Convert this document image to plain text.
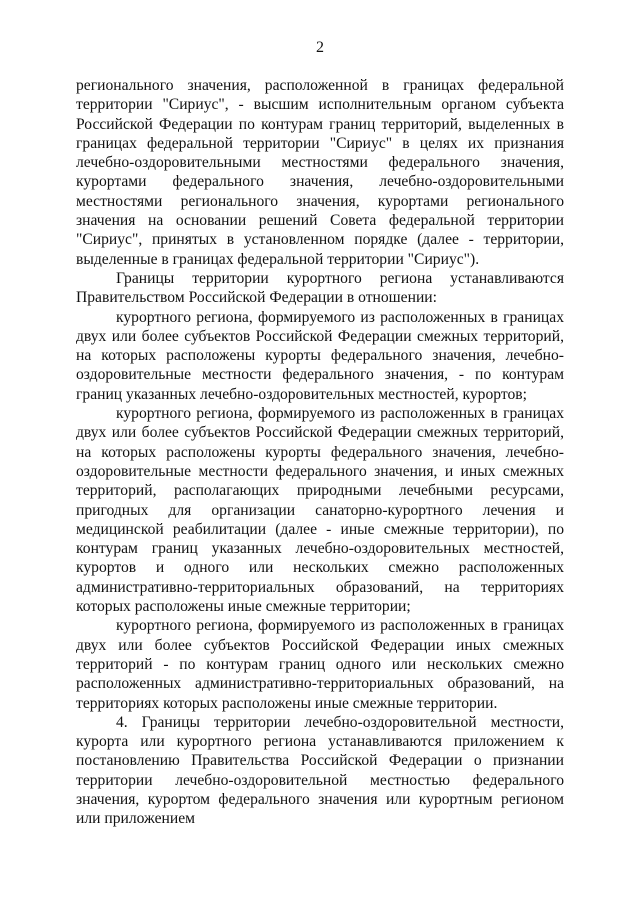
2

регионального значения, расположенной в границах федеральной территории "Сириус", - высшим исполнительным органом субъекта Российской Федерации по контурам границ территорий, выделенных в границах федеральной территории "Сириус" в целях их признания лечебно-оздоровительными местностями федерального значения, курортами федерального значения, лечебно-оздоровительными местностями регионального значения, курортами регионального значения на основании решений Совета федеральной территории "Сириус", принятых в установленном порядке (далее - территории, выделенные в границах федеральной территории "Сириус").

Границы территории курортного региона устанавливаются Правительством Российской Федерации в отношении:

курортного региона, формируемого из расположенных в границах двух или более субъектов Российской Федерации смежных территорий, на которых расположены курорты федерального значения, лечебно-оздоровительные местности федерального значения, - по контурам границ указанных лечебно-оздоровительных местностей, курортов;

курортного региона, формируемого из расположенных в границах двух или более субъектов Российской Федерации смежных территорий, на которых расположены курорты федерального значения, лечебно-оздоровительные местности федерального значения, и иных смежных территорий, располагающих природными лечебными ресурсами, пригодных для организации санаторно-курортного лечения и медицинской реабилитации (далее - иные смежные территории), по контурам границ указанных лечебно-оздоровительных местностей, курортов и одного или нескольких смежно расположенных административно-территориальных образований, на территориях которых расположены иные смежные территории;

курортного региона, формируемого из расположенных в границах двух или более субъектов Российской Федерации иных смежных территорий - по контурам границ одного или нескольких смежно расположенных административно-территориальных образований, на территориях которых расположены иные смежные территории.

4. Границы территории лечебно-оздоровительной местности, курорта или курортного региона устанавливаются приложением к постановлению Правительства Российской Федерации о признании территории лечебно-оздоровительной местностью федерального значения, курортом федерального значения или курортным регионом или приложением
